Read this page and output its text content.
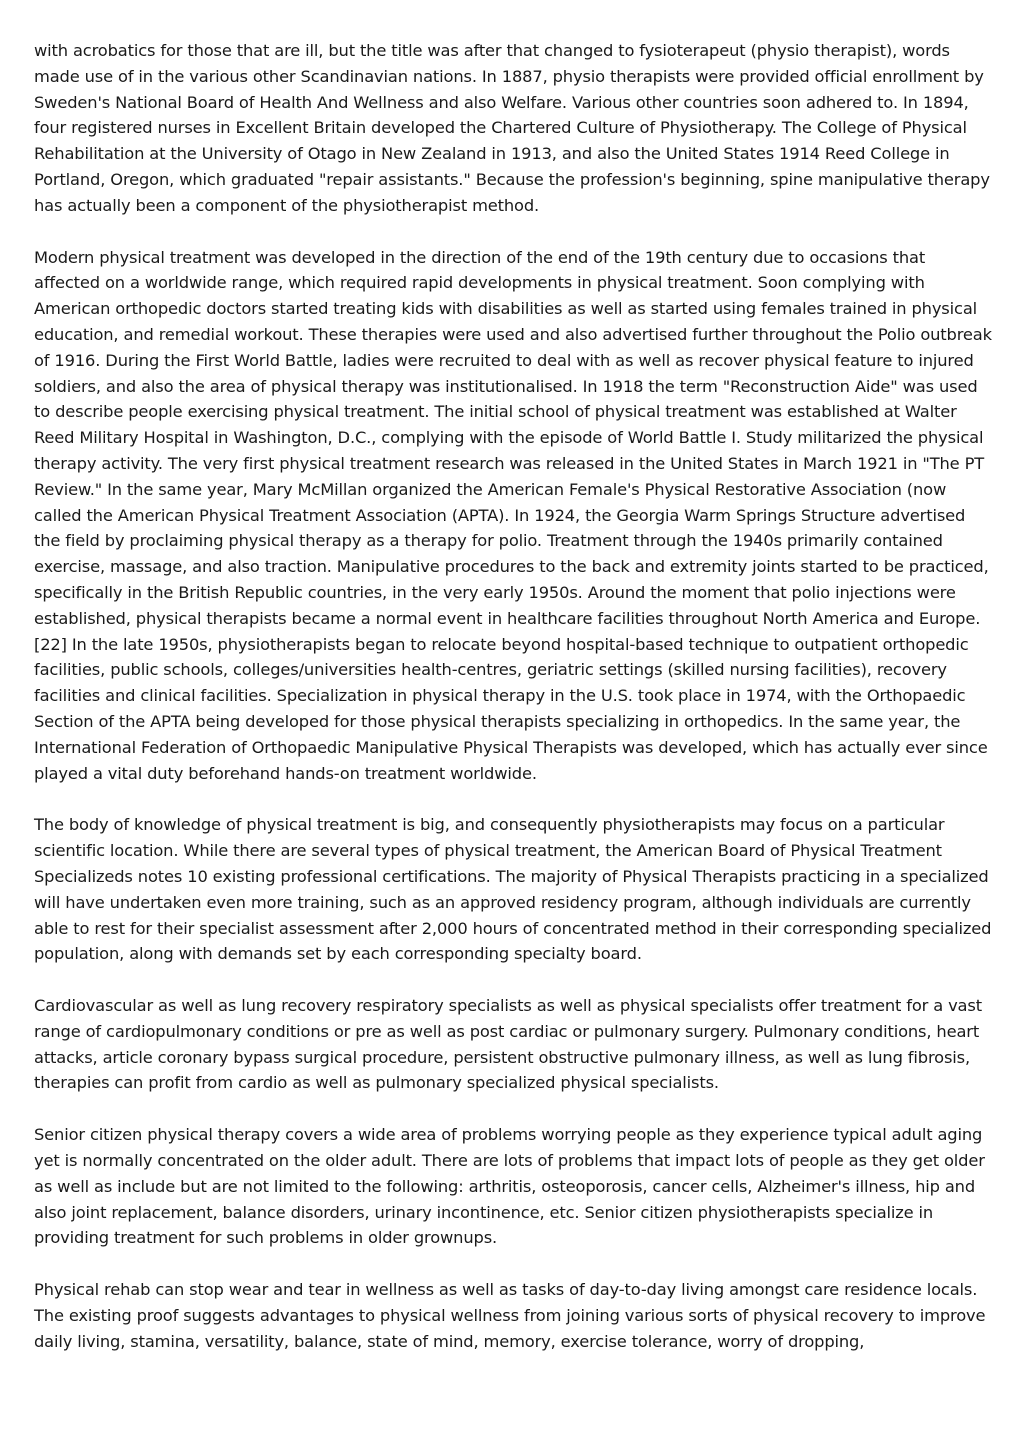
with acrobatics for those that are ill, but the title was after that changed to fysioterapeut (physio therapist), words made use of in the various other Scandinavian nations. In 1887, physio therapists were provided official enrollment by Sweden's National Board of Health And Wellness and also Welfare. Various other countries soon adhered to. In 1894, four registered nurses in Excellent Britain developed the Chartered Culture of Physiotherapy. The College of Physical Rehabilitation at the University of Otago in New Zealand in 1913, and also the United States 1914 Reed College in Portland, Oregon, which graduated "repair assistants." Because the profession's beginning, spine manipulative therapy has actually been a component of the physiotherapist method.

Modern physical treatment was developed in the direction of the end of the 19th century due to occasions that affected on a worldwide range, which required rapid developments in physical treatment. Soon complying with American orthopedic doctors started treating kids with disabilities as well as started using females trained in physical education, and remedial workout. These therapies were used and also advertised further throughout the Polio outbreak of 1916. During the First World Battle, ladies were recruited to deal with as well as recover physical feature to injured soldiers, and also the area of physical therapy was institutionalised. In 1918 the term "Reconstruction Aide" was used to describe people exercising physical treatment. The initial school of physical treatment was established at Walter Reed Military Hospital in Washington, D.C., complying with the episode of World Battle I. Study militarized the physical therapy activity. The very first physical treatment research was released in the United States in March 1921 in "The PT Review." In the same year, Mary McMillan organized the American Female's Physical Restorative Association (now called the American Physical Treatment Association (APTA). In 1924, the Georgia Warm Springs Structure advertised the field by proclaiming physical therapy as a therapy for polio. Treatment through the 1940s primarily contained exercise, massage, and also traction. Manipulative procedures to the back and extremity joints started to be practiced, specifically in the British Republic countries, in the very early 1950s. Around the moment that polio injections were established, physical therapists became a normal event in healthcare facilities throughout North America and Europe. [22] In the late 1950s, physiotherapists began to relocate beyond hospital-based technique to outpatient orthopedic facilities, public schools, colleges/universities health-centres, geriatric settings (skilled nursing facilities), recovery facilities and clinical facilities. Specialization in physical therapy in the U.S. took place in 1974, with the Orthopaedic Section of the APTA being developed for those physical therapists specializing in orthopedics. In the same year, the International Federation of Orthopaedic Manipulative Physical Therapists was developed, which has actually ever since played a vital duty beforehand hands-on treatment worldwide.

The body of knowledge of physical treatment is big, and consequently physiotherapists may focus on a particular scientific location. While there are several types of physical treatment, the American Board of Physical Treatment Specializeds notes 10 existing professional certifications. The majority of Physical Therapists practicing in a specialized will have undertaken even more training, such as an approved residency program, although individuals are currently able to rest for their specialist assessment after 2,000 hours of concentrated method in their corresponding specialized population, along with demands set by each corresponding specialty board.

Cardiovascular as well as lung recovery respiratory specialists as well as physical specialists offer treatment for a vast range of cardiopulmonary conditions or pre as well as post cardiac or pulmonary surgery. Pulmonary conditions, heart attacks, article coronary bypass surgical procedure, persistent obstructive pulmonary illness, as well as lung fibrosis, therapies can profit from cardio as well as pulmonary specialized physical specialists.

Senior citizen physical therapy covers a wide area of problems worrying people as they experience typical adult aging yet is normally concentrated on the older adult. There are lots of problems that impact lots of people as they get older as well as include but are not limited to the following: arthritis, osteoporosis, cancer cells, Alzheimer's illness, hip and also joint replacement, balance disorders, urinary incontinence, etc. Senior citizen physiotherapists specialize in providing treatment for such problems in older grownups.

Physical rehab can stop wear and tear in wellness as well as tasks of day-to-day living amongst care residence locals. The existing proof suggests advantages to physical wellness from joining various sorts of physical recovery to improve daily living, stamina, versatility, balance, state of mind, memory, exercise tolerance, worry of dropping,
